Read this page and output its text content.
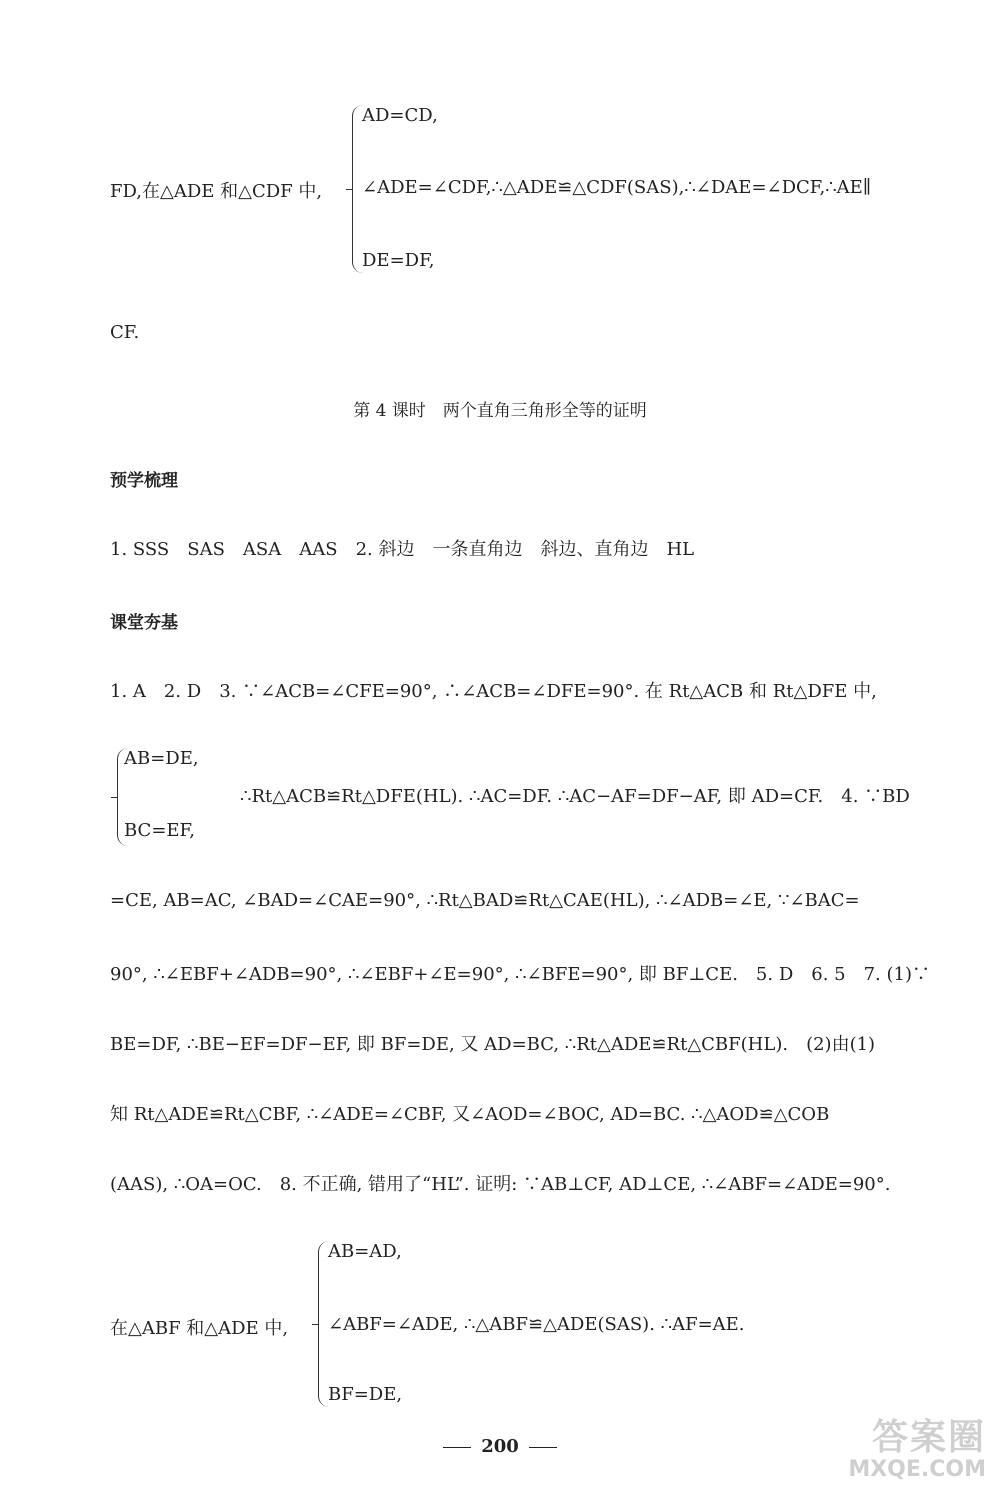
FD,在△ADE 和△CDF 中,
AD=CD,
∠ADE=∠CDF,∴△ADE≌△CDF(SAS),∴∠DAE=∠DCF,∴AE∥
DE=DF,
CF.
第 4 课时　两个直角三角形全等的证明
预学梳理
1. SSS　SAS　ASA　AAS　2. 斜边　一条直角边　斜边、直角边　HL
课堂夯基
1. A　2. D　3. ∵∠ACB=∠CFE=90°, ∴∠ACB=∠DFE=90°. 在 Rt△ACB 和 Rt△DFE 中,
AB=DE,
∴Rt△ACB≌Rt△DFE(HL). ∴AC=DF. ∴AC−AF=DF−AF, 即 AD=CF.　4. ∵BD
BC=EF,
=CE, AB=AC, ∠BAD=∠CAE=90°, ∴Rt△BAD≌Rt△CAE(HL), ∴∠ADB=∠E, ∵∠BAC=
90°, ∴∠EBF+∠ADB=90°, ∴∠EBF+∠E=90°, ∴∠BFE=90°, 即 BF⊥CE.　5. D　6. 5　7. (1)∵
BE=DF, ∴BE−EF=DF−EF, 即 BF=DE, 又 AD=BC, ∴Rt△ADE≌Rt△CBF(HL).　(2)由(1)
知 Rt△ADE≌Rt△CBF, ∴∠ADE=∠CBF, 又∠AOD=∠BOC, AD=BC. ∴△AOD≌△COB
(AAS), ∴OA=OC.　8. 不正确, 错用了“HL”. 证明: ∵AB⊥CF, AD⊥CE, ∴∠ABF=∠ADE=90°.
在△ABF 和△ADE 中,
AB=AD,
∠ABF=∠ADE, ∴△ABF≌△ADE(SAS). ∴AF=AE.
BF=DE,
200	答案圈
MXQE.COM
